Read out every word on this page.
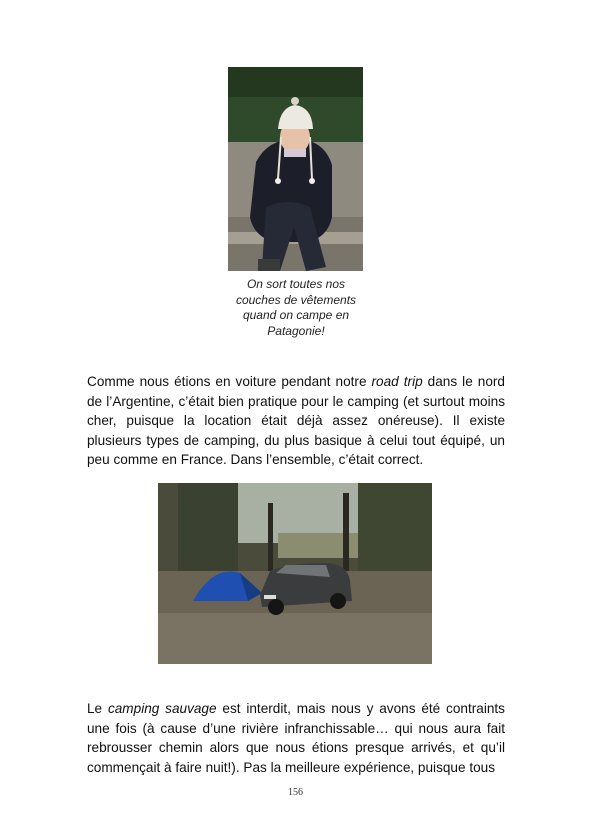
On sort toutes nos
couches de vêtements
quand on campe en
Patagonie!

Comme nous étions en voiture pendant notre road trip dans le nord de l’Argentine, c’était bien pratique pour le camping (et surtout moins cher, puisque la location était déjà assez onéreuse). Il existe plusieurs types de camping, du plus basique à celui tout équipé, un peu comme en France. Dans l’ensemble, c’était correct.

Le camping sauvage est interdit, mais nous y avons été contraints une fois (à cause d’une rivière infranchissable… qui nous aura fait rebrousser chemin alors que nous étions presque arrivés, et qu’il commençait à faire nuit!). Pas la meilleure expérience, puisque tous

156
